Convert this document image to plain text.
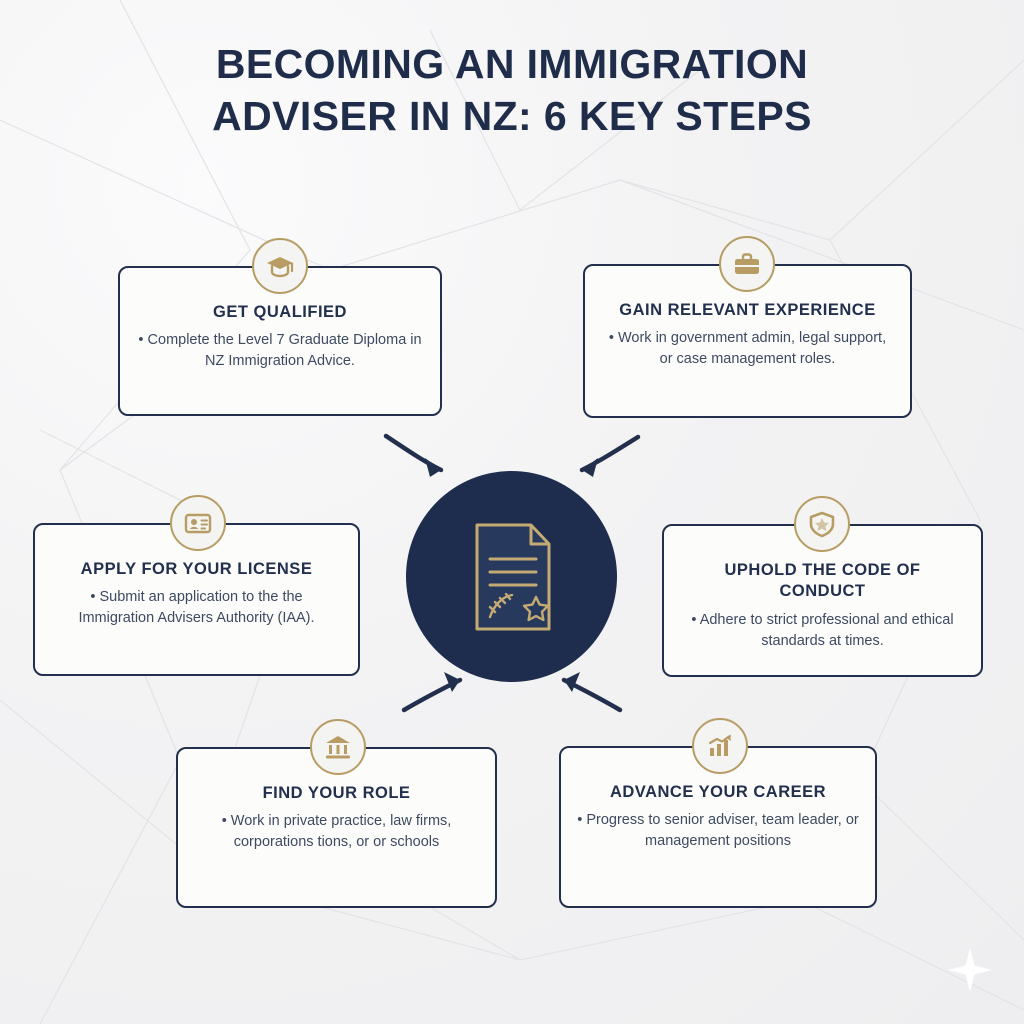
BECOMING AN IMMIGRATION
ADVISER IN NZ: 6 KEY STEPS
GET QUALIFIED
• Complete the Level 7 Graduate Diploma in NZ Immigration Advice.
GAIN RELEVANT EXPERIENCE
• Work in government admin, legal support, or case management roles.
APPLY FOR YOUR LICENSE
• Submit an application to the the Immigration Advisers Authority (IAA).
UPHOLD THE CODE OF CONDUCT
• Adhere to strict professional and ethical standards at times.
FIND YOUR ROLE
• Work in private practice, law firms, corporations tions, or or schools
ADVANCE YOUR CAREER
• Progress to senior adviser, team leader, or management positions
